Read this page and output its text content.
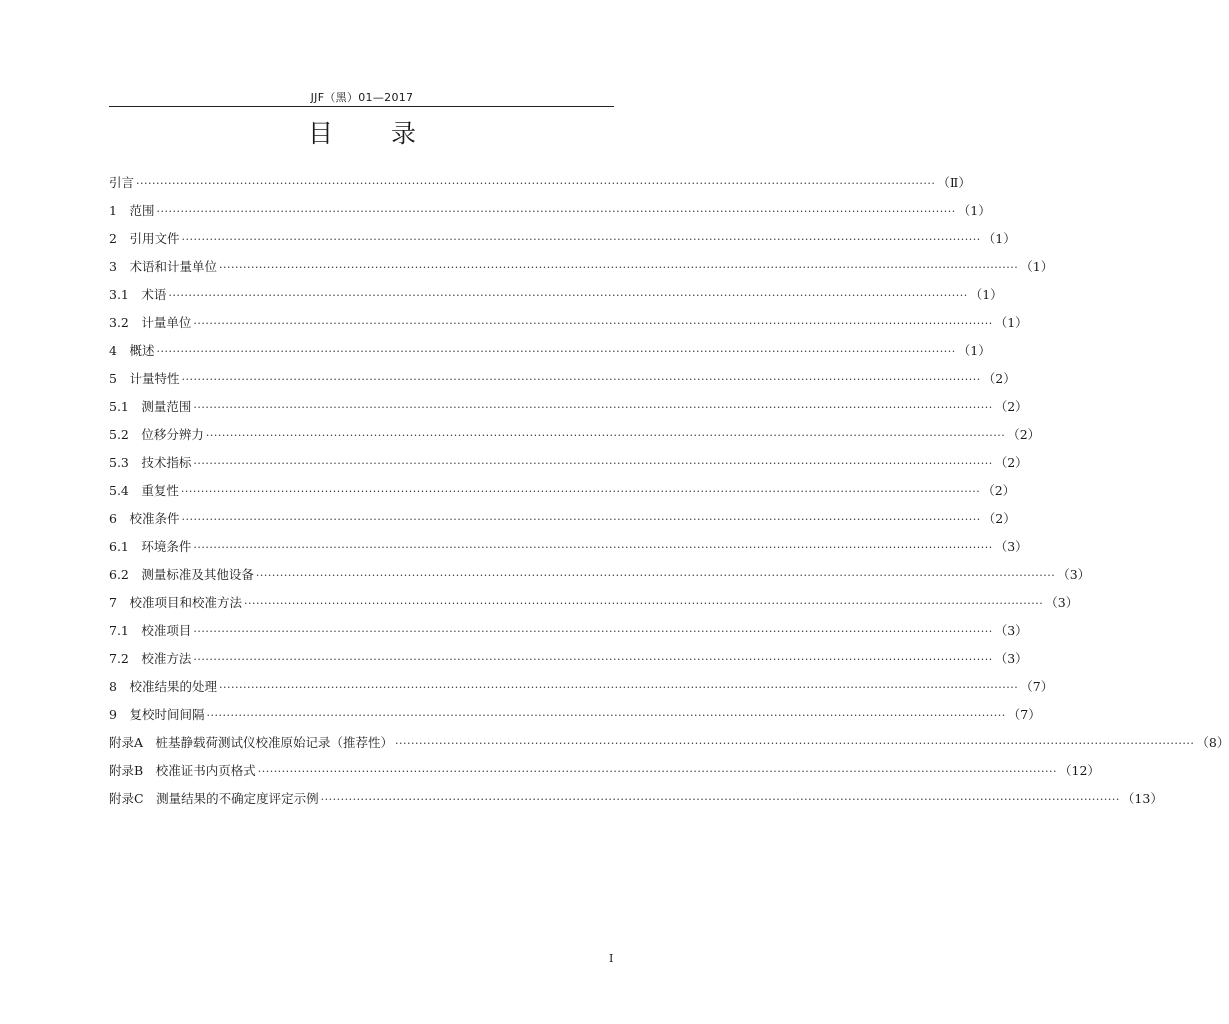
JJF（黑）01—2017
目 录
引言 ········································································································································································································ （Ⅱ）
1　 范围 ········································································································································································································ （1）
2　 引用文件 ········································································································································································································ （1）
3　 术语和计量单位 ········································································································································································································ （1）
3.1　 术语 ········································································································································································································ （1）
3.2　 计量单位 ········································································································································································································ （1）
4　 概述 ········································································································································································································ （1）
5　 计量特性 ········································································································································································································ （2）
5.1　 测量范围 ········································································································································································································ （2）
5.2　 位移分辨力 ········································································································································································································ （2）
5.3　 技术指标 ········································································································································································································ （2）
5.4　 重复性 ········································································································································································································ （2）
6　 校准条件 ········································································································································································································ （2）
6.1　 环境条件 ········································································································································································································ （3）
6.2　 测量标准及其他设备 ········································································································································································································ （3）
7　 校准项目和校准方法 ········································································································································································································ （3）
7.1　 校准项目 ········································································································································································································ （3）
7.2　 校准方法 ········································································································································································································ （3）
8　 校准结果的处理 ········································································································································································································ （7）
9　 复校时间间隔 ········································································································································································································ （7）
附录A　 桩基静载荷测试仪校准原始记录（推荐性） ········································································································································································································ （8）
附录B　 校准证书内页格式 ········································································································································································································ （12）
附录C　 测量结果的不确定度评定示例 ········································································································································································································ （13）
I
